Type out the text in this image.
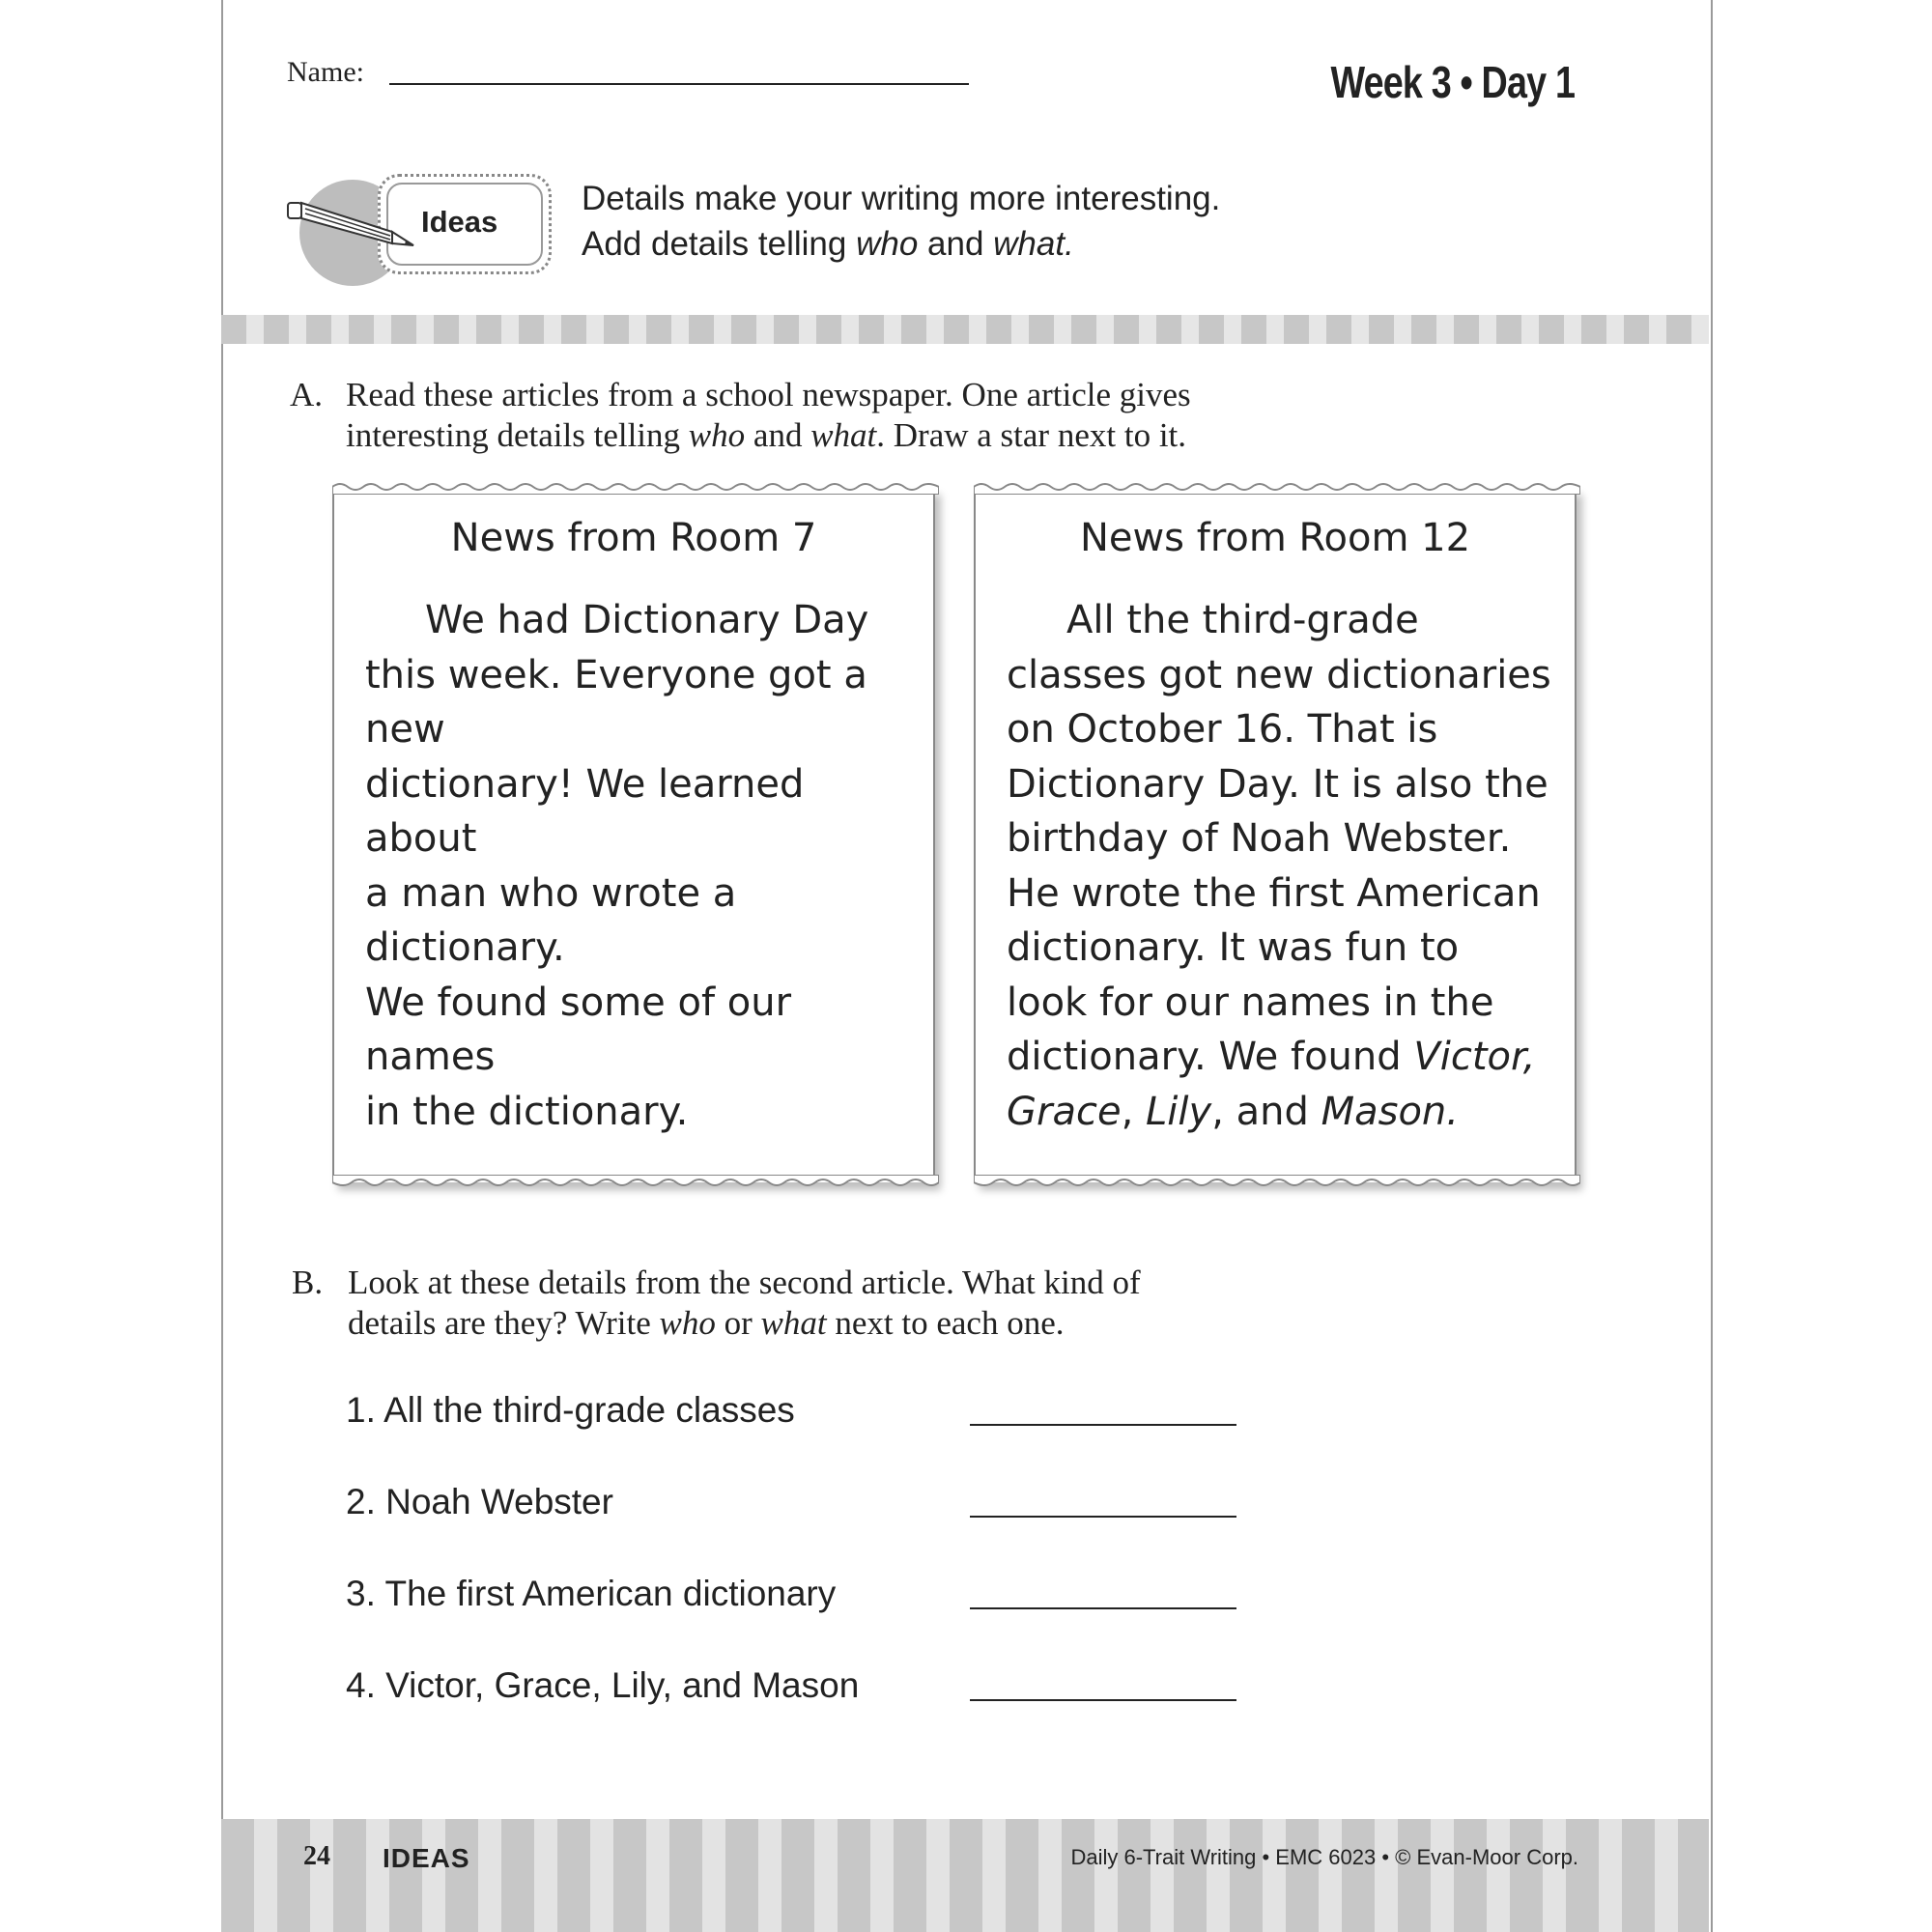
Name:	Week 3 • Day 1
Ideas
Details make your writing more interesting.
Add details telling who and what.
A. Read these articles from a school newspaper. One article gives
interesting details telling who and what. Draw a star next to it.
News from Room 7
We had Dictionary Day
this week. Everyone got a new
dictionary! We learned about
a man who wrote a dictionary.
We found some of our names
in the dictionary.
News from Room 12
All the third-grade
classes got new dictionaries
on October 16. That is
Dictionary Day. It is also the
birthday of Noah Webster.
He wrote the first American
dictionary. It was fun to
look for our names in the
dictionary. We found Victor,
Grace, Lily, and Mason.
B. Look at these details from the second article. What kind of
details are they? Write who or what next to each one.
1. All the third-grade classes
2. Noah Webster
3. The first American dictionary
4. Victor, Grace, Lily, and Mason
24 IDEAS	Daily 6-Trait Writing • EMC 6023 • © Evan-Moor Corp.
